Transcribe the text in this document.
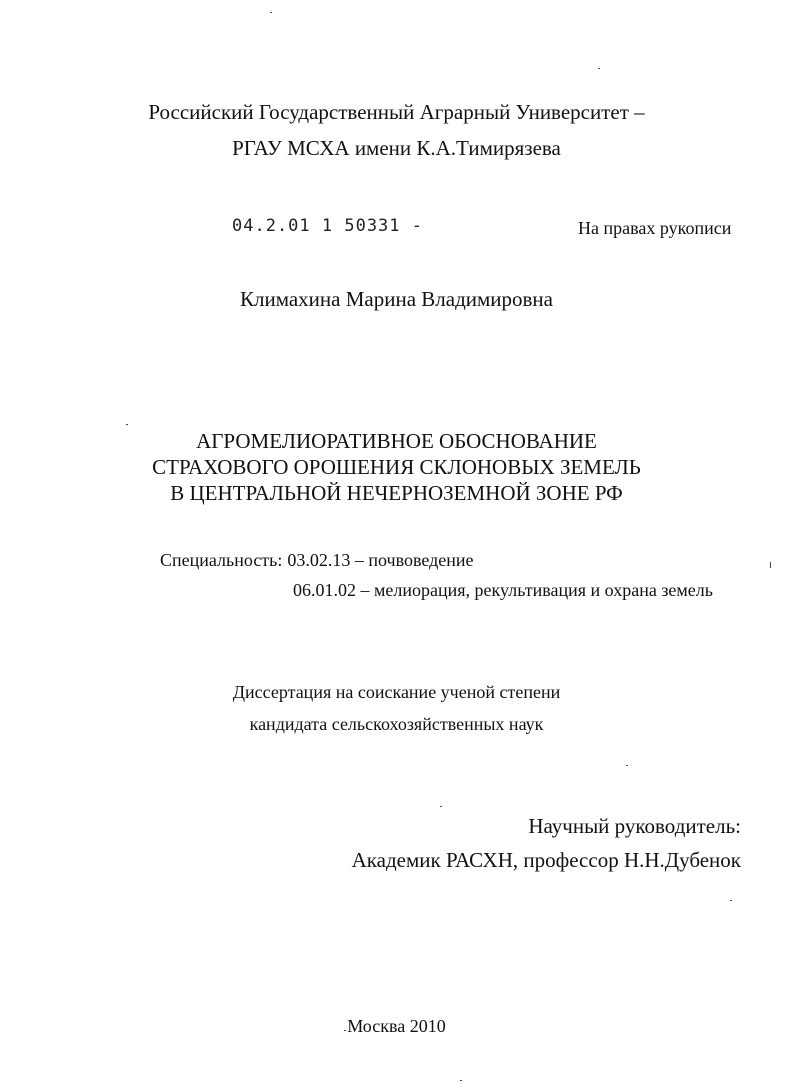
Российский Государственный Аграрный Университет –
РГАУ МСХА имени К.А.Тимирязева
04.2.01 1 50331 -	На правах рукописи
Климахина Марина Владимировна
АГРОМЕЛИОРАТИВНОЕ ОБОСНОВАНИЕ
СТРАХОВОГО ОРОШЕНИЯ СКЛОНОВЫХ ЗЕМЕЛЬ
В ЦЕНТРАЛЬНОЙ НЕЧЕРНОЗЕМНОЙ ЗОНЕ РФ
Специальность: 03.02.13 – почвоведение
06.01.02 – мелиорация, рекультивация и охрана земель
Диссертация на соискание ученой степени
кандидата сельскохозяйственных наук
Научный руководитель:
Академик РАСХН, профессор Н.Н.Дубенок
Москва 2010
